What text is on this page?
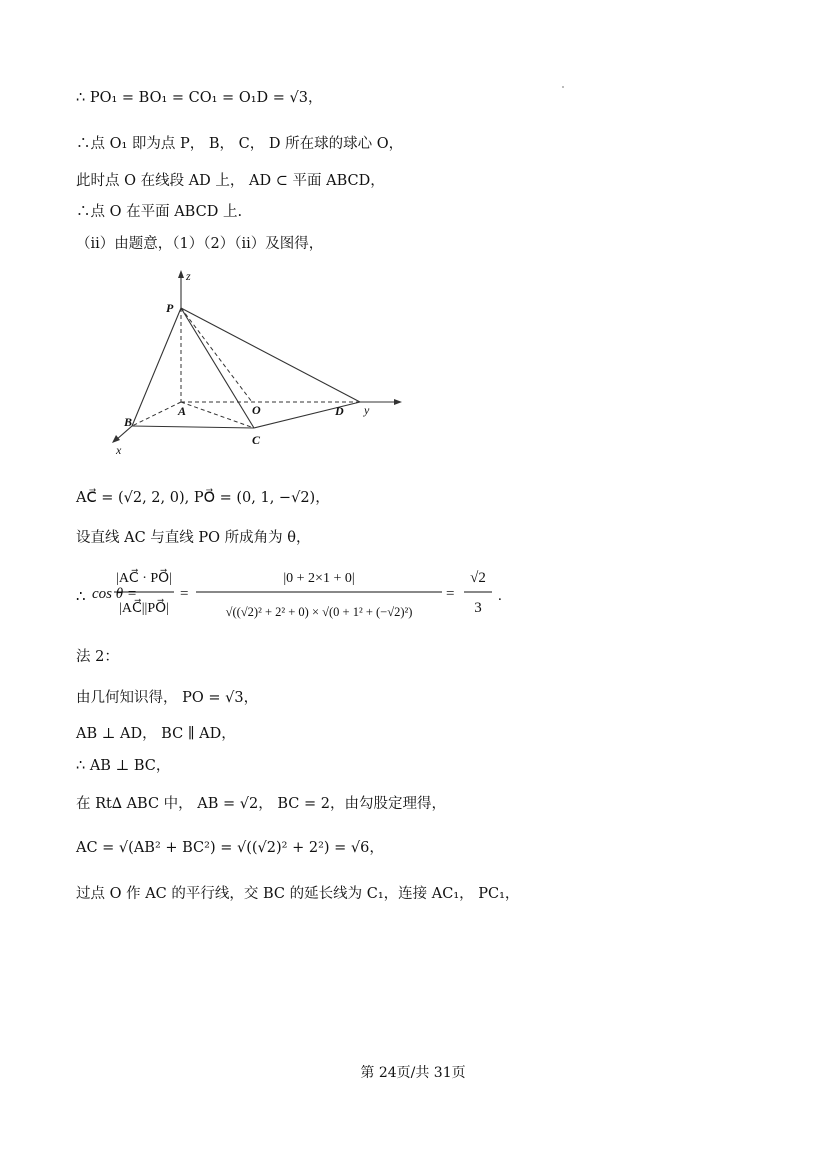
∴ PO₁ = BO₁ = CO₁ = O₁D = √3，
∴点 O₁ 即为点 P， B， C， D 所在球的球心 O，
此时点 O 在线段 AD 上， AD ⊂ 平面 ABCD，
∴点 O 在平面 ABCD 上.
（ii）由题意，（1）（2）（ii）及图得，
z
P
A	O	D y
B
C
x
AC⃗ = (√2, 2, 0), PO⃗ = (0, 1, −√2)，
设直线 AC 与直线 PO 所成角为 θ，
∴ cos θ =
|AC⃗ · PO⃗|
|AC⃗||PO⃗|
=
|0 + 2×1 + 0|
√((√2)² + 2² + 0) × √(0 + 1² + (−√2)²)
=
√2
3
.
法 2：
由几何知识得， PO = √3，
AB ⊥ AD， BC ∥ AD，
∴ AB ⊥ BC，
在 Rt∆ ABC 中， AB = √2， BC = 2，由勾股定理得，
AC = √(AB² + BC²) = √((√2)² + 2²) = √6，
过点 O 作 AC 的平行线，交 BC 的延长线为 C₁，连接 AC₁， PC₁，
第 24页/共 31页
